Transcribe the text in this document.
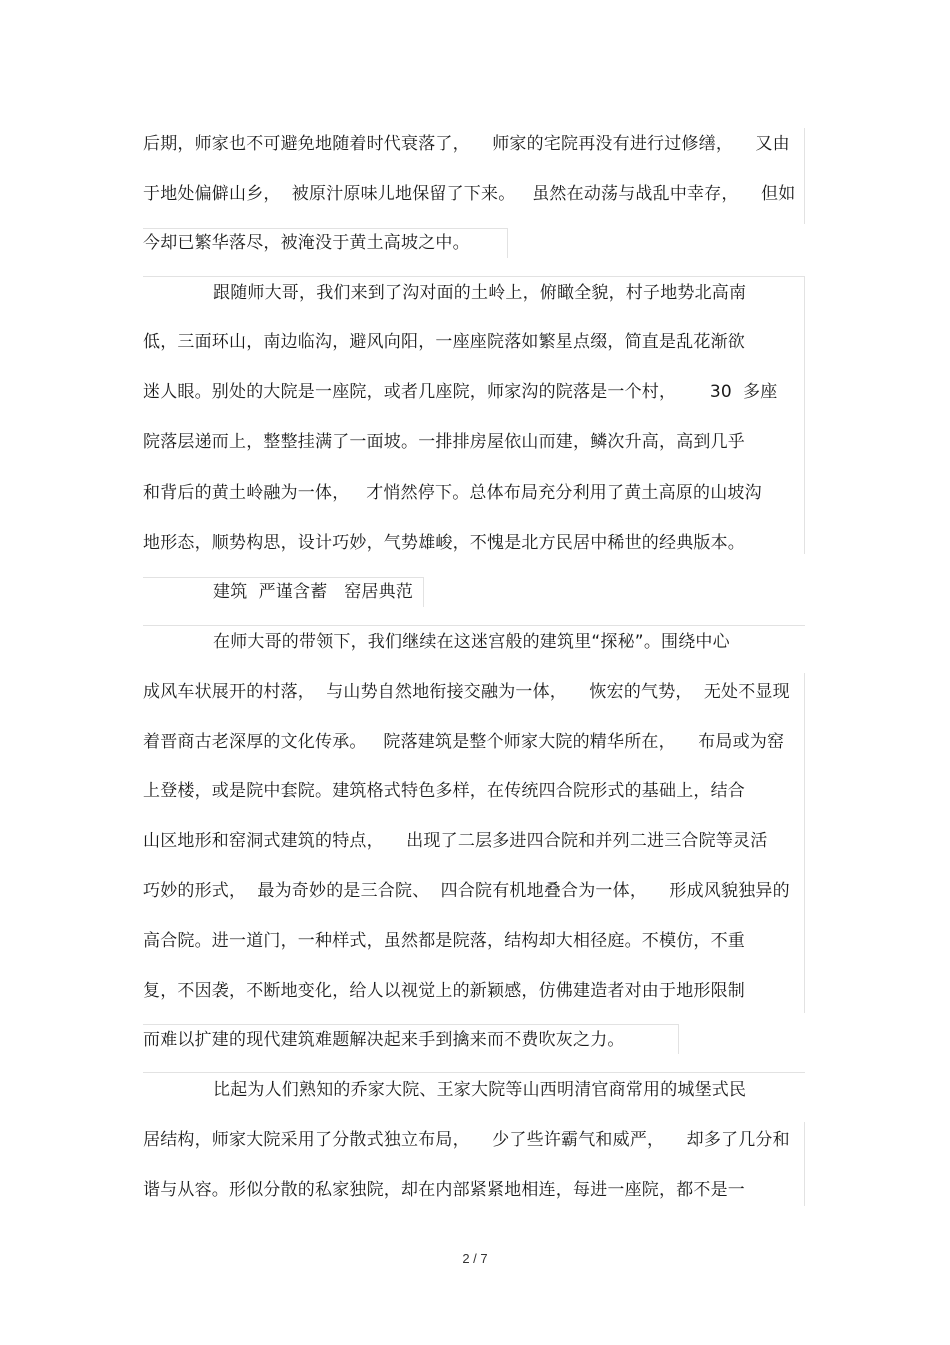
后期，师家也不可避免地随着时代衰落了，    师家的宅院再没有进行过修缮，    又由
于地处偏僻山乡，  被原汁原味儿地保留了下来。   虽然在动荡与战乱中幸存，    但如
今却已繁华落尽，被淹没于黄土高坡之中。
跟随师大哥，我们来到了沟对面的土岭上，俯瞰全貌，村子地势北高南
低，三面环山，南边临沟，避风向阳，一座座院落如繁星点缀，简直是乱花渐欲
迷人眼。别处的大院是一座院，或者几座院，师家沟的院落是一个村，      30  多座
院落层递而上，整整挂满了一面坡。一排排房屋依山而建，鳞次升高，高到几乎
和背后的黄土岭融为一体，   才悄然停下。总体布局充分利用了黄土高原的山坡沟
地形态，顺势构思，设计巧妙，气势雄峻，不愧是北方民居中稀世的经典版本。
建筑  严谨含蓄   窑居典范
在师大哥的带领下，我们继续在这迷宫般的建筑里“探秘”。围绕中心
成风车状展开的村落，  与山势自然地衔接交融为一体，    恢宏的气势，  无处不显现
着晋商古老深厚的文化传承。   院落建筑是整个师家大院的精华所在，    布局或为窑
上登楼，或是院中套院。建筑格式特色多样，在传统四合院形式的基础上，结合
山区地形和窑洞式建筑的特点，    出现了二层多进四合院和并列二进三合院等灵活
巧妙的形式，  最为奇妙的是三合院、  四合院有机地叠合为一体，    形成风貌独异的
高合院。进一道门，一种样式，虽然都是院落，结构却大相径庭。不模仿，不重
复，不因袭，不断地变化，给人以视觉上的新颖感，仿佛建造者对由于地形限制
而难以扩建的现代建筑难题解决起来手到擒来而不费吹灰之力。
比起为人们熟知的乔家大院、王家大院等山西明清官商常用的城堡式民
居结构，师家大院采用了分散式独立布局，    少了些许霸气和威严，    却多了几分和
谐与从容。形似分散的私家独院，却在内部紧紧地相连，每进一座院，都不是一
2 / 7
